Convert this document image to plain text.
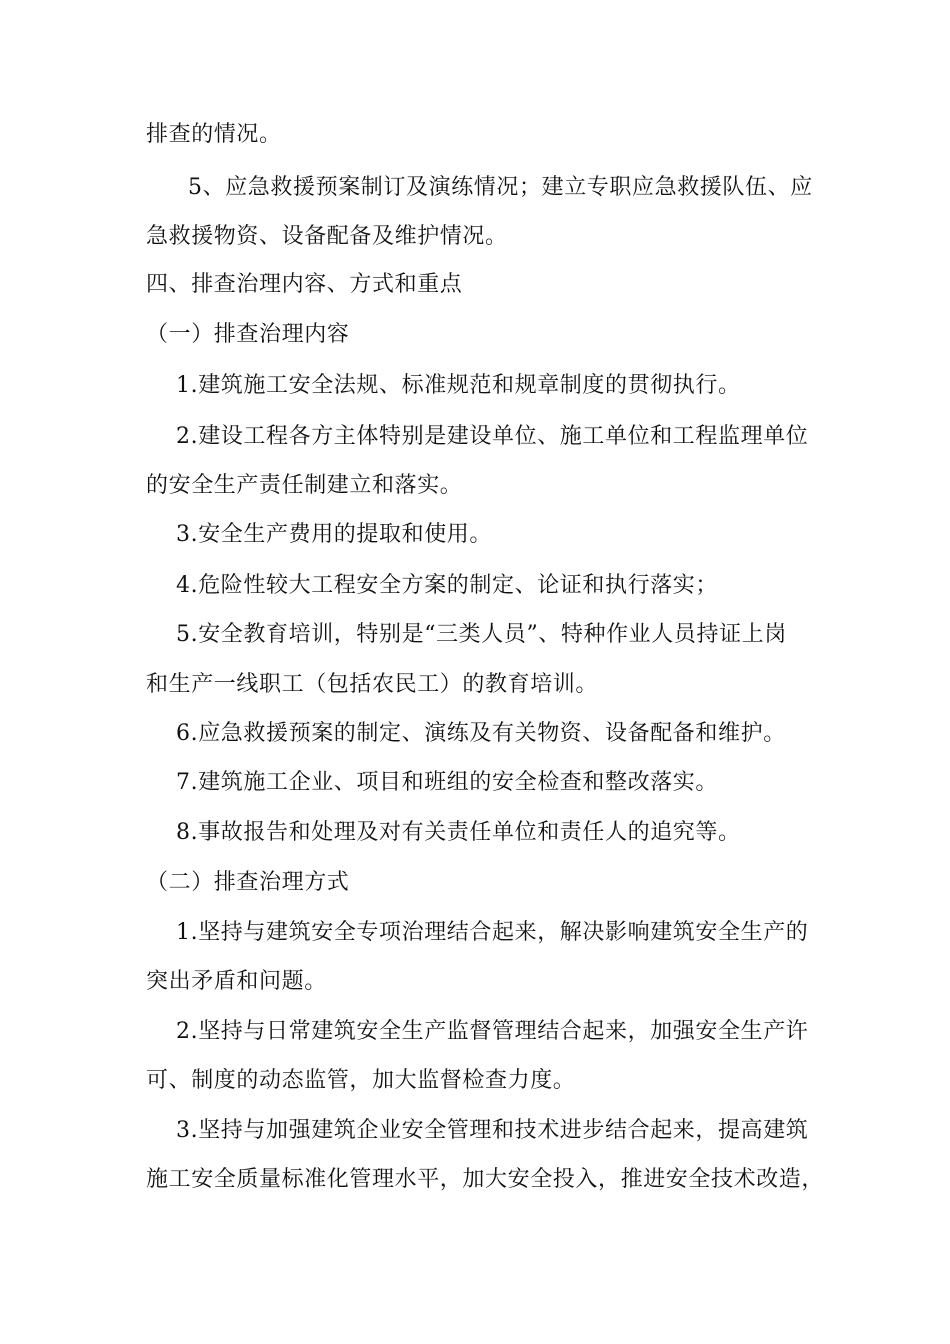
排查的情况。
5、应急救援预案制订及演练情况；建立专职应急救援队伍、应
急救援物资、设备配备及维护情况。
四、排查治理内容、方式和重点
（一）排查治理内容
1.建筑施工安全法规、标准规范和规章制度的贯彻执行。
2.建设工程各方主体特别是建设单位、施工单位和工程监理单位
的安全生产责任制建立和落实。
3.安全生产费用的提取和使用。
4.危险性较大工程安全方案的制定、论证和执行落实；
5.安全教育培训，特别是“三类人员”、特种作业人员持证上岗
和生产一线职工（包括农民工）的教育培训。
6.应急救援预案的制定、演练及有关物资、设备配备和维护。
7.建筑施工企业、项目和班组的安全检查和整改落实。
8.事故报告和处理及对有关责任单位和责任人的追究等。
（二）排查治理方式
1.坚持与建筑安全专项治理结合起来，解决影响建筑安全生产的
突出矛盾和问题。
2.坚持与日常建筑安全生产监督管理结合起来，加强安全生产许
可、制度的动态监管，加大监督检查力度。
3.坚持与加强建筑企业安全管理和技术进步结合起来，提高建筑
施工安全质量标准化管理水平，加大安全投入，推进安全技术改造，
